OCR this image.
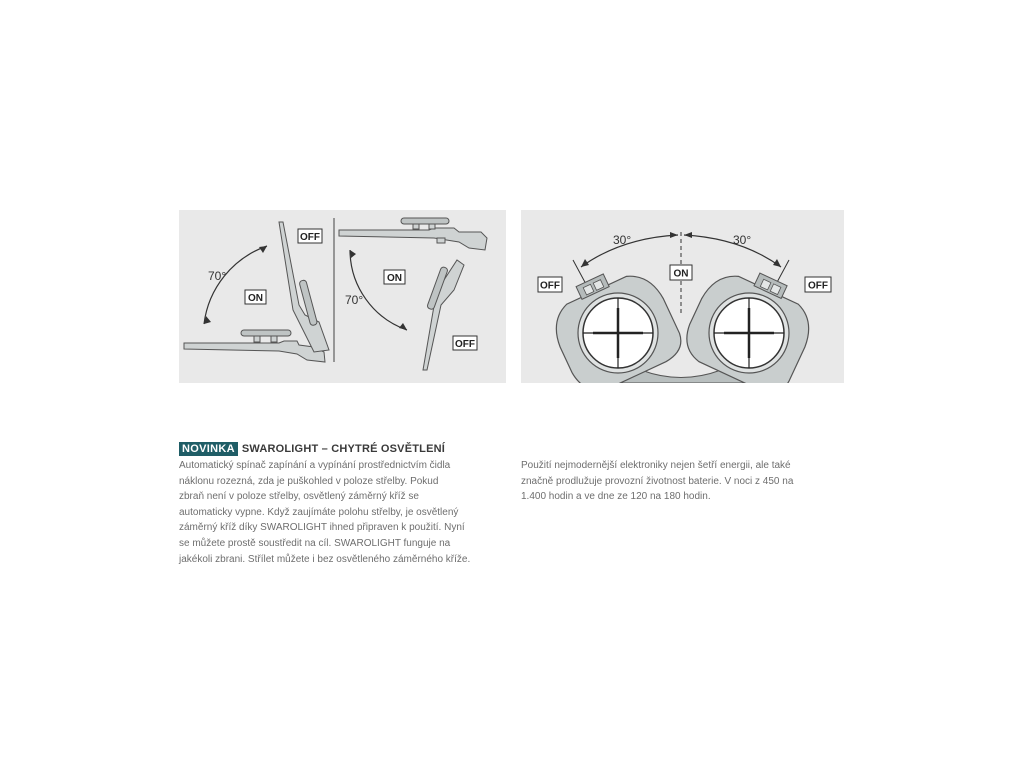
70°
ON
OFF
ON
70°
OFF
30°	30°
OFF
ON
OFF
NOVINKA SWAROLIGHT – CHYTRÉ OSVĚTLENÍ

Automatický spínač zapínání a vypínání prostřednictvím čidla
náklonu rozezná, zda je puškohled v poloze střelby. Pokud
zbraň není v poloze střelby, osvětlený záměrný kříž se
automaticky vypne. Když zaujímáte polohu střelby, je osvětlený
záměrný kříž díky SWAROLIGHT ihned připraven k použití. Nyní
se můžete prostě soustředit na cíl. SWAROLIGHT funguje na
jakékoli zbrani. Střílet můžete i bez osvětleného záměrného kříže.

Použití nejmodernější elektroniky nejen šetří energii, ale také
značně prodlužuje provozní životnost baterie. V noci z 450 na
1.400 hodin a ve dne ze 120 na 180 hodin.
